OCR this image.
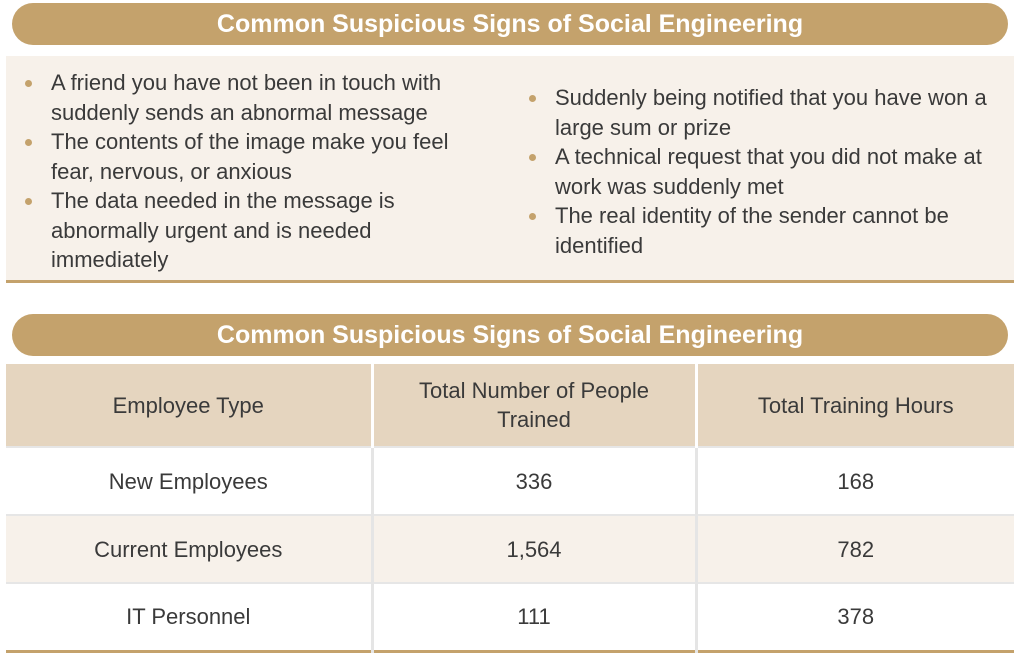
Common Suspicious Signs of Social Engineering
A friend you have not been in touch with suddenly sends an abnormal message
The contents of the image make you feel fear, nervous, or anxious
The data needed in the message is abnormally urgent and is needed immediately
Suddenly being notified that you have won a large sum or prize
A technical request that you did not make at work was suddenly met
The real identity of the sender cannot be identified
Common Suspicious Signs of Social Engineering
Employee Type	Total Number of People Trained	Total Training Hours
New Employees	336	168
Current Employees	1,564	782
IT Personnel	111	378
